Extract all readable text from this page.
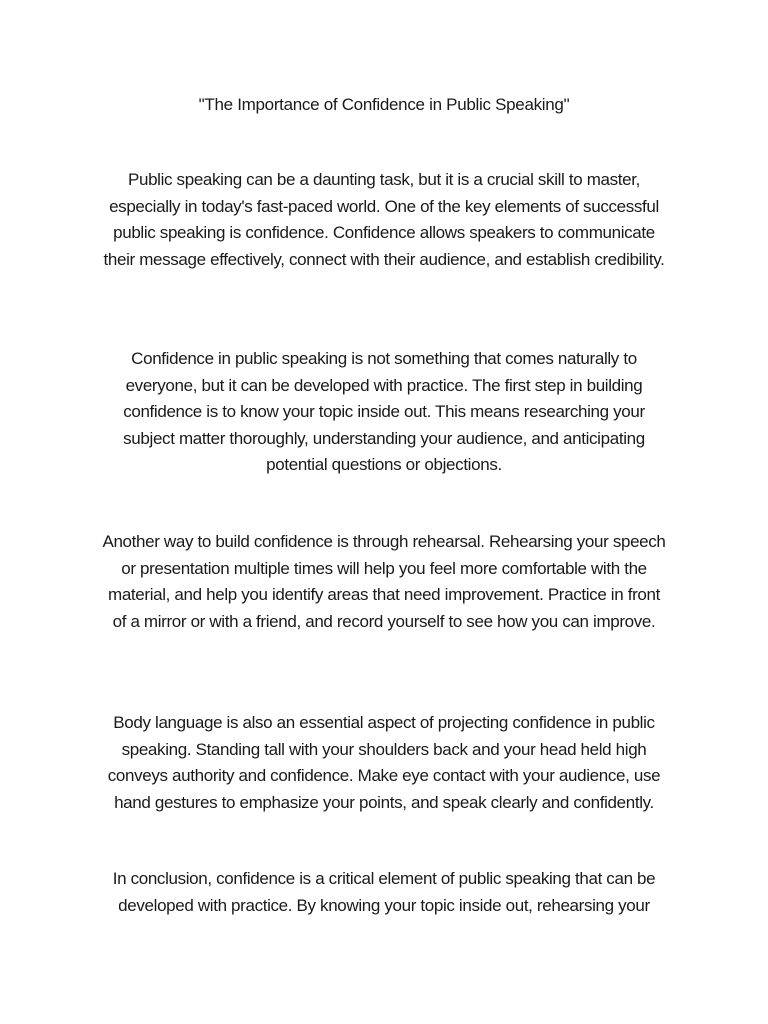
"The Importance of Confidence in Public Speaking"

Public speaking can be a daunting task, but it is a crucial skill to master, especially in today's fast-paced world. One of the key elements of successful public speaking is confidence. Confidence allows speakers to communicate their message effectively, connect with their audience, and establish credibility.

Confidence in public speaking is not something that comes naturally to everyone, but it can be developed with practice. The first step in building confidence is to know your topic inside out. This means researching your subject matter thoroughly, understanding your audience, and anticipating potential questions or objections.

Another way to build confidence is through rehearsal. Rehearsing your speech or presentation multiple times will help you feel more comfortable with the material, and help you identify areas that need improvement. Practice in front of a mirror or with a friend, and record yourself to see how you can improve.

Body language is also an essential aspect of projecting confidence in public speaking. Standing tall with your shoulders back and your head held high conveys authority and confidence. Make eye contact with your audience, use hand gestures to emphasize your points, and speak clearly and confidently.

In conclusion, confidence is a critical element of public speaking that can be developed with practice. By knowing your topic inside out, rehearsing your
